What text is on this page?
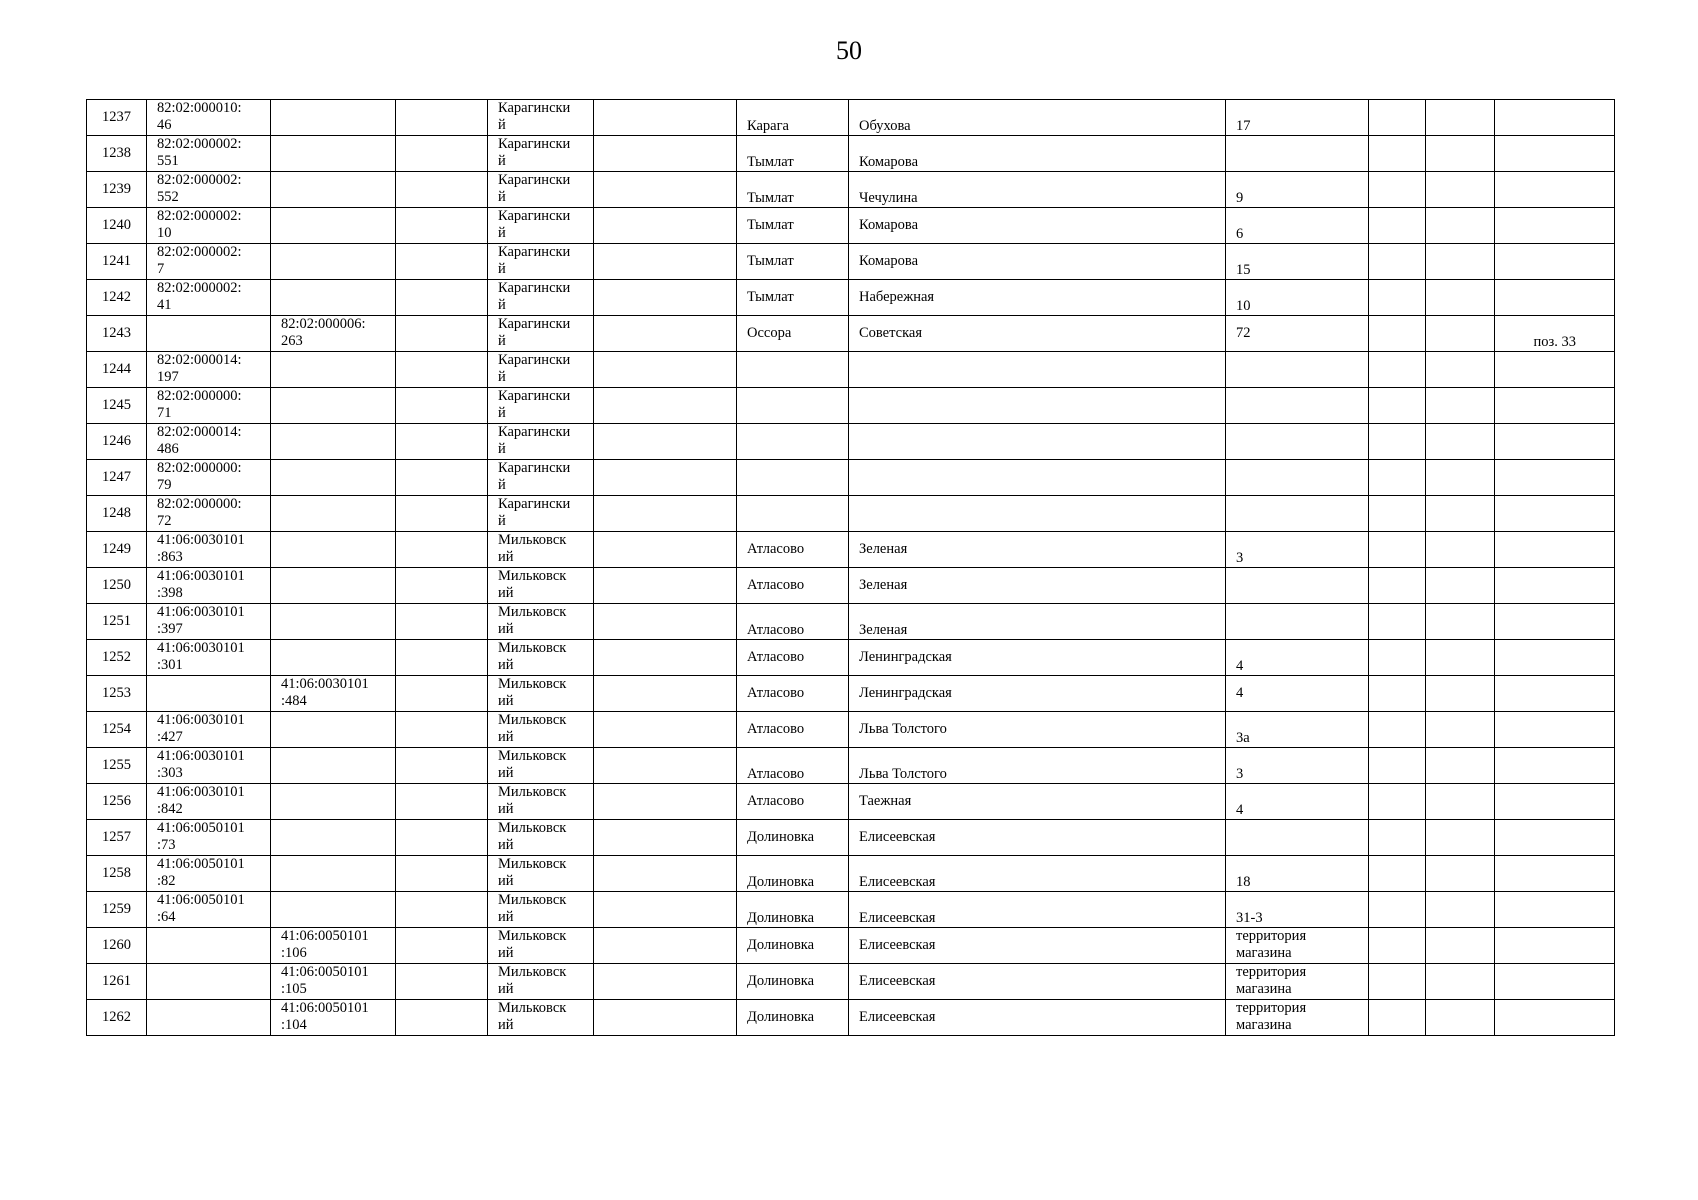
50
1237	82:02:000010:
46			Карагински
й		Карага	Обухова	17			
1238	82:02:000002:
551			Карагински
й		Тымлат	Комарова				
1239	82:02:000002:
552			Карагински
й		Тымлат	Чечулина	9			
1240	82:02:000002:
10			Карагински
й		Тымлат	Комарова	6			
1241	82:02:000002:
7			Карагински
й		Тымлат	Комарова	15			
1242	82:02:000002:
41			Карагински
й		Тымлат	Набережная	10			
1243		82:02:000006:
263		Карагински
й		Оссора	Советская	72			поз. 33
1244	82:02:000014:
197			Карагински
й							
1245	82:02:000000:
71			Карагински
й							
1246	82:02:000014:
486			Карагински
й							
1247	82:02:000000:
79			Карагински
й							
1248	82:02:000000:
72			Карагински
й							
1249	41:06:0030101
:863			Мильковск
ий		Атласово	Зеленая	3			
1250	41:06:0030101
:398			Мильковск
ий		Атласово	Зеленая				
1251	41:06:0030101
:397			Мильковск
ий		Атласово	Зеленая				
1252	41:06:0030101
:301			Мильковск
ий		Атласово	Ленинградская	4			
1253		41:06:0030101
:484		Мильковск
ий		Атласово	Ленинградская	4			
1254	41:06:0030101
:427			Мильковск
ий		Атласово	Льва Толстого	3а			
1255	41:06:0030101
:303			Мильковск
ий		Атласово	Льва Толстого	3			
1256	41:06:0030101
:842			Мильковск
ий		Атласово	Таежная	4			
1257	41:06:0050101
:73			Мильковск
ий		Долиновка	Елисеевская				
1258	41:06:0050101
:82			Мильковск
ий		Долиновка	Елисеевская	18			
1259	41:06:0050101
:64			Мильковск
ий		Долиновка	Елисеевская	31-3			
1260		41:06:0050101
:106		Мильковск
ий		Долиновка	Елисеевская	территория
магазина			
1261		41:06:0050101
:105		Мильковск
ий		Долиновка	Елисеевская	территория
магазина			
1262		41:06:0050101
:104		Мильковск
ий		Долиновка	Елисеевская	территория
магазина			
